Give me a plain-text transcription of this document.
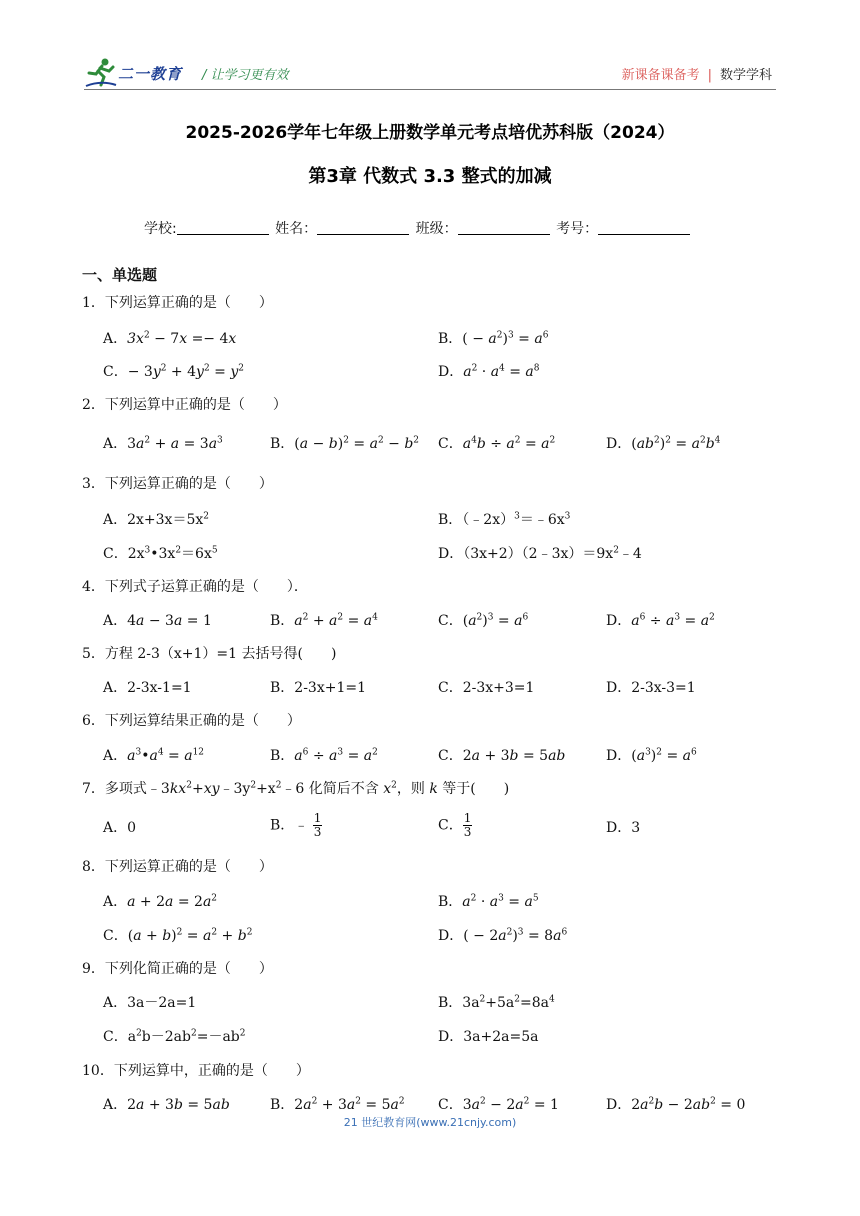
二一教育 / 让学习更有效	新课备课备考 | 数学学科
2025-2026学年七年级上册数学单元考点培优苏科版（2024）
第3章 代数式 3.3 整式的加减
学校:	姓名：	班级：	考号：
一、单选题
1．下列运算正确的是（　　）
A．$3x^2 - 7x =- 4x$	B．( − $a^2)^3 = a^6$
C．− $3y^2 + 4y^2 = y^2$	D．$a^2 \cdot a^4 = a^8$
2．下列运算中正确的是（　　）
A．$3a^2 + a = 3a^3$	B．$(a - b)^2 = a^2 - b^2$ C．$a^4b \div a^2 = a^2$	D．$(ab^2)^2 = a^2b^4$
3．下列运算正确的是（　　）
A．$2x+3x=5x^2$	B．$(﹣2x)^3=﹣6x^3$
C．$2x^3•3x^2=6x^5$	D．$(3x+2)(2﹣3x)=9x^2﹣4$
4．下列式子运算正确的是（　　）．
A．4a − 3a = 1	B．$a^2 + a^2 = a^4$	C．$(a^2)^3 = a^6$	D．$a^6 \div a^3 = a^2$
5．方程 2-3（x+1）=1 去括号得(　　)
A．2-3x-1=1	B．2-3x+1=1	C．2-3x+3=1	D．2-3x-3=1
6．下列运算结果正确的是（　　）
A．$a^3•a^4 = a^{12}$	B．$a^6 \div a^3 = a^2$	C．2a + 3b = 5ab	D．$(a^3)^2 = a^6$
7．多项式$﹣3kx^2+xy﹣3y^2+x^2﹣6$ 化简后不含 $x^2$，则 k 等于(　　)
A．0	B．﹣ $\frac{1}{3}$	C． $\frac{1}{3}$	D．3
8．下列运算正确的是（　　）
A．$a + 2a = 2a^2$	B．$a^2 \cdot a^3 = a^5$
C．$(a + b)^2 = a^2 + b^2$	D．( − $2a^2)^3 = 8a^6$
9．下列化简正确的是（　　）
A．3a－2a=1	B．$3a^2+5a^2=8a^4$
C．$a^2b-2ab^2=-ab^2$	D．3a+2a=5a
10．下列运算中，正确的是（　　）
A．2a + 3b = 5ab	B．$2a^2 + 3a^2 = 5a^2$ C．$3a^2 - 2a^2 = 1$	D．$2a^2b - 2ab^2 = 0$
21 世纪教育网(www.21cnjy.com)
